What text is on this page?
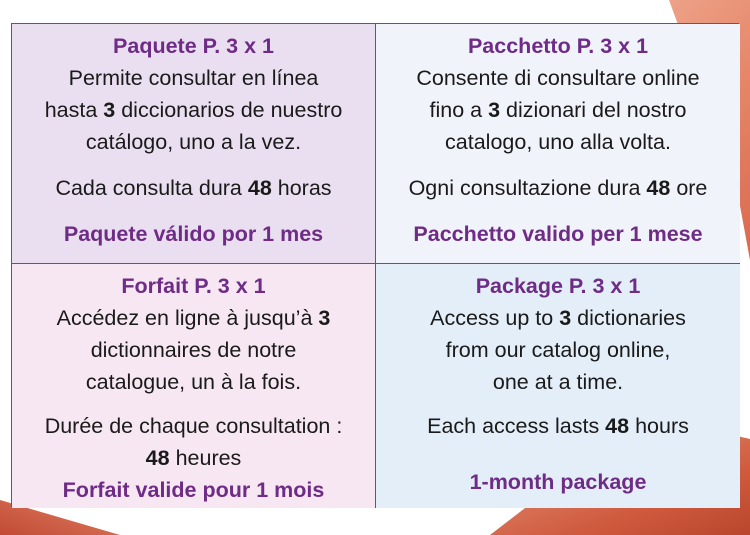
Paquete P. 3 x 1
Permite consultar en línea
hasta 3 diccionarios de nuestro
catálogo, uno a la vez.
Cada consulta dura 48 horas
Paquete válido por 1 mes
Pacchetto P. 3 x 1
Consente di consultare online
fino a 3 dizionari del nostro
catalogo, uno alla volta.
Ogni consultazione dura 48 ore
Pacchetto valido per 1 mese
Forfait P. 3 x 1
Accédez en ligne à jusqu’à 3
dictionnaires de notre
catalogue, un à la fois.
Durée de chaque consultation :
48 heures
Forfait valide pour 1 mois
Package P. 3 x 1
Access up to 3 dictionaries
from our catalog online,
one at a time.
Each access lasts 48 hours
1-month package
